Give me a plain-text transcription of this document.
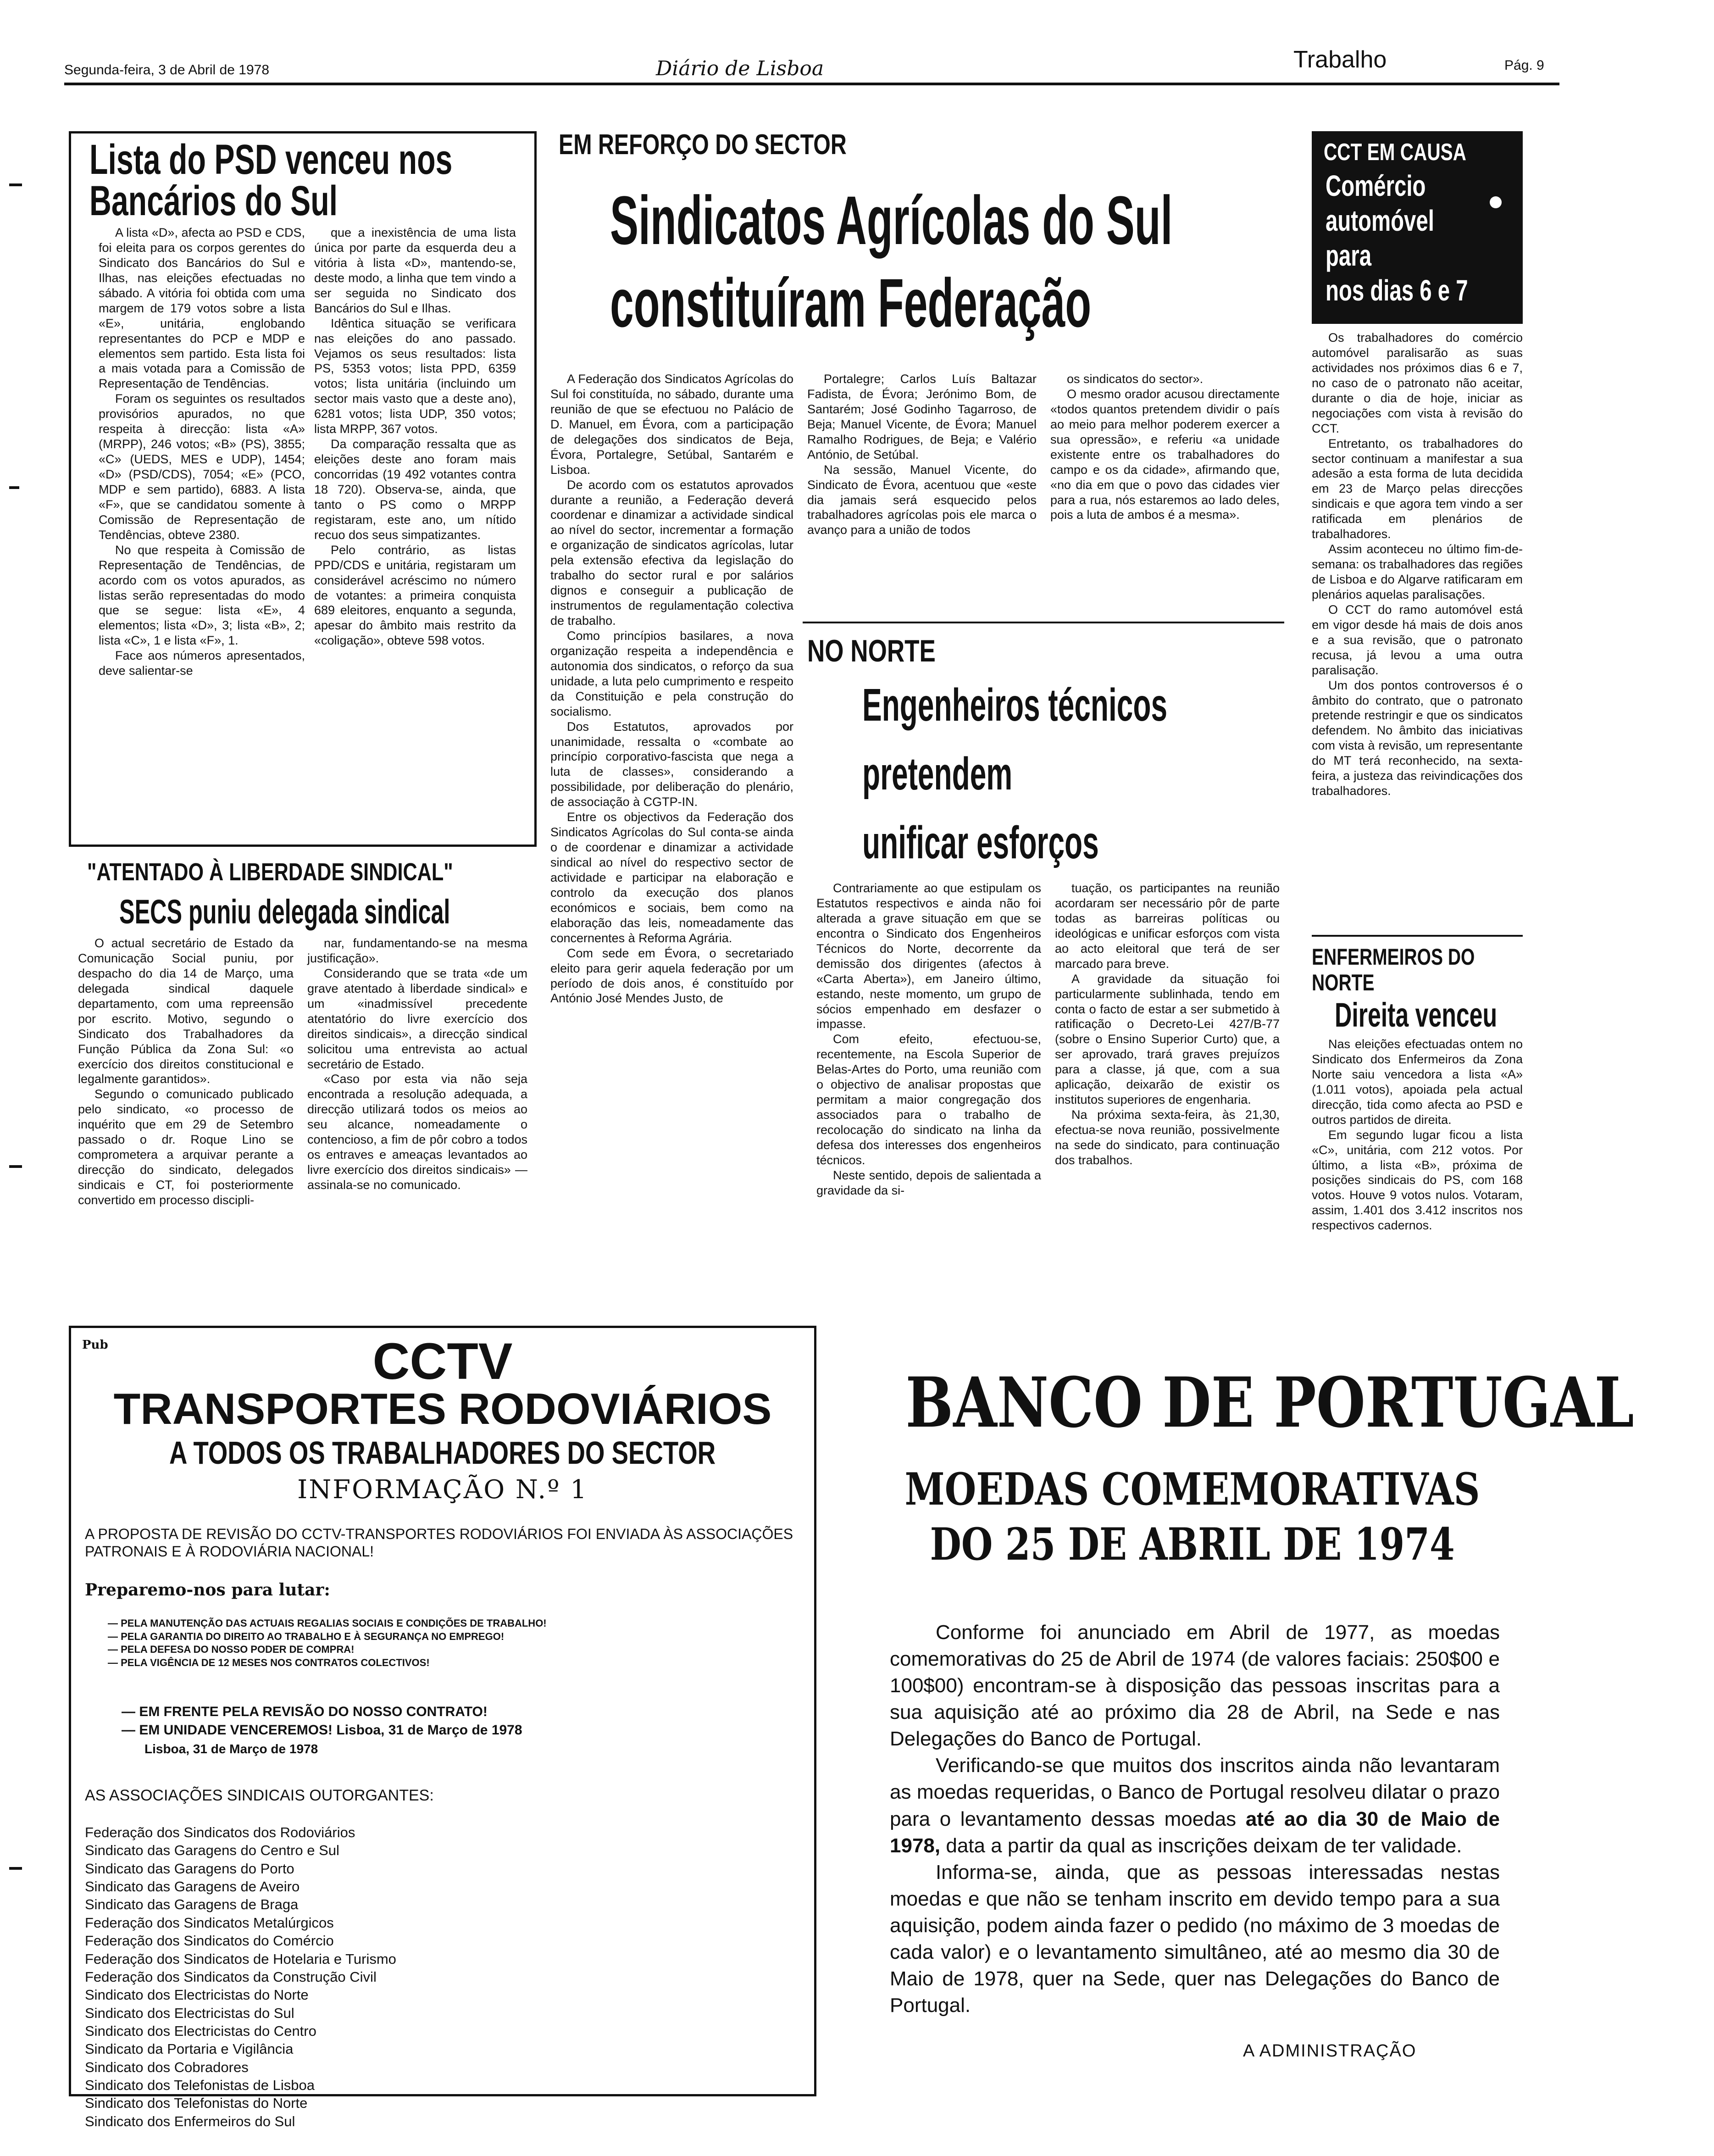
Segunda-feira, 3 de Abril de 1978	Diário de Lisboa	Trabalho	Pág. 9
Lista do PSD venceu nos Bancários do Sul

A lista «D», afecta ao PSD e CDS, foi eleita para os corpos gerentes do Sindicato dos Bancários do Sul e Ilhas, nas eleições efectuadas no sábado. A vitória foi obtida com uma margem de 179 votos sobre a lista «E», unitária, englobando representantes do PCP e MDP e elementos sem partido. Esta lista foi a mais votada para a Comissão de Representação de Tendências.

Foram os seguintes os resultados provisórios apurados, no que respeita à direcção: lista «A» (MRPP), 246 votos; «B» (PS), 3855; «C» (UEDS, MES e UDP), 1454; «D» (PSD/CDS), 7054; «E» (PCO, MDP e sem partido), 6883. A lista «F», que se candidatou somente à Comissão de Representação de Tendências, obteve 2380.

No que respeita à Comissão de Representação de Tendências, de acordo com os votos apurados, as listas serão representadas do modo que se segue: lista «E», 4 elementos; lista «D», 3; lista «B», 2; lista «C», 1 e lista «F», 1.

Face aos números apresentados, deve salientar-se

que a inexistência de uma lista única por parte da esquerda deu a vitória à lista «D», mantendo-se, deste modo, a linha que tem vindo a ser seguida no Sindicato dos Bancários do Sul e Ilhas.

Idêntica situação se verificara nas eleições do ano passado. Vejamos os seus resultados: lista PS, 5353 votos; lista PPD, 6359 votos; lista unitária (incluindo um sector mais vasto que a deste ano), 6281 votos; lista UDP, 350 votos; lista MRPP, 367 votos.

Da comparação ressalta que as eleições deste ano foram mais concorridas (19 492 votantes contra 18 720). Observa-se, ainda, que tanto o PS como o MRPP registaram, este ano, um nítido recuo dos seus simpatizantes.

Pelo contrário, as listas PPD/CDS e unitária, registaram um considerável acréscimo no número de votantes: a primeira conquista 689 eleitores, enquanto a segunda, apesar do âmbito mais restrito da «coligação», obteve 598 votos.

"ATENTADO À LIBERDADE SINDICAL"
SECS puniu delegada sindical

O actual secretário de Estado da Comunicação Social puniu, por despacho do dia 14 de Março, uma delegada sindical daquele departamento, com uma repreensão por escrito. Motivo, segundo o Sindicato dos Trabalhadores da Função Pública da Zona Sul: «o exercício dos direitos constitucional e legalmente garantidos».

Segundo o comunicado publicado pelo sindicato, «o processo de inquérito que em 29 de Setembro passado o dr. Roque Lino se comprometera a arquivar perante a direcção do sindicato, delegados sindicais e CT, foi posteriormente convertido em processo discipli-

nar, fundamentando-se na mesma justificação».

Considerando que se trata «de um grave atentado à liberdade sindical» e um «inadmissível precedente atentatório do livre exercício dos direitos sindicais», a direcção sindical solicitou uma entrevista ao actual secretário de Estado.

«Caso por esta via não seja encontrada a resolução adequada, a direcção utilizará todos os meios ao seu alcance, nomeadamente o contencioso, a fim de pôr cobro a todos os entraves e ameaças levantados ao livre exercício dos direitos sindicais» — assinala-se no comunicado.

EM REFORÇO DO SECTOR
Sindicatos Agrícolas do Sul
constituíram Federação

A Federação dos Sindicatos Agrícolas do Sul foi constituída, no sábado, durante uma reunião de que se efectuou no Palácio de D. Manuel, em Évora, com a participação de delegações dos sindicatos de Beja, Évora, Portalegre, Setúbal, Santarém e Lisboa.

De acordo com os estatutos aprovados durante a reunião, a Federação deverá coordenar e dinamizar a actividade sindical ao nível do sector, incrementar a formação e organização de sindicatos agrícolas, lutar pela extensão efectiva da legislação do trabalho do sector rural e por salários dignos e conseguir a publicação de instrumentos de regulamentação colectiva de trabalho.

Como princípios basilares, a nova organização respeita a independência e autonomia dos sindicatos, o reforço da sua unidade, a luta pelo cumprimento e respeito da Constituição e pela construção do socialismo.

Dos Estatutos, aprovados por unanimidade, ressalta o «combate ao princípio corporativo-fascista que nega a luta de classes», considerando a possibilidade, por deliberação do plenário, de associação à CGTP-IN.

Entre os objectivos da Federação dos Sindicatos Agrícolas do Sul conta-se ainda o de coordenar e dinamizar a actividade sindical ao nível do respectivo sector de actividade e participar na elaboração e controlo da execução dos planos económicos e sociais, bem como na elaboração das leis, nomeadamente das concernentes à Reforma Agrária.

Com sede em Évora, o secretariado eleito para gerir aquela federação por um período de dois anos, é constituído por António José Mendes Justo, de

Portalegre; Carlos Luís Baltazar Fadista, de Évora; Jerónimo Bom, de Santarém; José Godinho Tagarroso, de Beja; Manuel Vicente, de Évora; Manuel Ramalho Rodrigues, de Beja; e Valério António, de Setúbal.

Na sessão, Manuel Vicente, do Sindicato de Évora, acentuou que «este dia jamais será esquecido pelos trabalhadores agrícolas pois ele marca o avanço para a união de todos

os sindicatos do sector».

O mesmo orador acusou directamente «todos quantos pretendem dividir o país ao meio para melhor poderem exercer a sua opressão», e referiu «a unidade existente entre os trabalhadores do campo e os da cidade», afirmando que, «no dia em que o povo das cidades vier para a rua, nós estaremos ao lado deles, pois a luta de ambos é a mesma».

NO NORTE
Engenheiros técnicos
pretendem
unificar esforços

Contrariamente ao que estipulam os Estatutos respectivos e ainda não foi alterada a grave situação em que se encontra o Sindicato dos Engenheiros Técnicos do Norte, decorrente da demissão dos dirigentes (afectos à «Carta Aberta»), em Janeiro último, estando, neste momento, um grupo de sócios empenhado em desfazer o impasse.

Com efeito, efectuou-se, recentemente, na Escola Superior de Belas-Artes do Porto, uma reunião com o objectivo de analisar propostas que permitam a maior congregação dos associados para o trabalho de recolocação do sindicato na linha da defesa dos interesses dos engenheiros técnicos.

Neste sentido, depois de salientada a gravidade da si-

tuação, os participantes na reunião acordaram ser necessário pôr de parte todas as barreiras políticas ou ideológicas e unificar esforços com vista ao acto eleitoral que terá de ser marcado para breve.

A gravidade da situação foi particularmente sublinhada, tendo em conta o facto de estar a ser submetido à ratificação o Decreto-Lei 427/B-77 (sobre o Ensino Superior Curto) que, a ser aprovado, trará graves prejuízos para a classe, já que, com a sua aplicação, deixarão de existir os institutos superiores de engenharia.

Na próxima sexta-feira, às 21,30, efectua-se nova reunião, possivelmente na sede do sindicato, para continuação dos trabalhos.

CCT EM CAUSA
Comércio
automóvel
para
nos dias 6 e 7

Os trabalhadores do comércio automóvel paralisarão as suas actividades nos próximos dias 6 e 7, no caso de o patronato não aceitar, durante o dia de hoje, iniciar as negociações com vista à revisão do CCT.

Entretanto, os trabalhadores do sector continuam a manifestar a sua adesão a esta forma de luta decidida em 23 de Março pelas direcções sindicais e que agora tem vindo a ser ratificada em plenários de trabalhadores.

Assim aconteceu no último fim-de-semana: os trabalhadores das regiões de Lisboa e do Algarve ratificaram em plenários aquelas paralisações.

O CCT do ramo automóvel está em vigor desde há mais de dois anos e a sua revisão, que o patronato recusa, já levou a uma outra paralisação.

Um dos pontos controversos é o âmbito do contrato, que o patronato pretende restringir e que os sindicatos defendem. No âmbito das iniciativas com vista à revisão, um representante do MT terá reconhecido, na sexta-feira, a justeza das reivindicações dos trabalhadores.

ENFERMEIROS DO NORTE
Direita venceu

Nas eleições efectuadas ontem no Sindicato dos Enfermeiros da Zona Norte saiu vencedora a lista «A» (1.011 votos), apoiada pela actual direcção, tida como afecta ao PSD e outros partidos de direita.

Em segundo lugar ficou a lista «C», unitária, com 212 votos. Por último, a lista «B», próxima de posições sindicais do PS, com 168 votos. Houve 9 votos nulos. Votaram, assim, 1.401 dos 3.412 inscritos nos respectivos cadernos.

Pub	CCTV
TRANSPORTES RODOVIÁRIOS
A TODOS OS TRABALHADORES DO SECTOR
INFORMAÇÃO N.º 1
A PROPOSTA DE REVISÃO DO CCTV-TRANSPORTES RODOVIÁRIOS FOI ENVIADA ÀS ASSOCIAÇÕES PATRONAIS E À RODOVIÁRIA NACIONAL!
Preparemo-nos para lutar:
— PELA MANUTENÇÃO DAS ACTUAIS REGALIAS SOCIAIS E CONDIÇÕES DE TRABALHO!
— PELA GARANTIA DO DIREITO AO TRABALHO E À SEGURANÇA NO EMPREGO!
— PELA DEFESA DO NOSSO PODER DE COMPRA!
— PELA VIGÊNCIA DE 12 MESES NOS CONTRATOS COLECTIVOS!
— EM FRENTE PELA REVISÃO DO NOSSO CONTRATO!
— EM UNIDADE VENCEREMOS! Lisboa, 31 de Março de 1978
Lisboa, 31 de Março de 1978
AS ASSOCIAÇÕES SINDICAIS OUTORGANTES:
Federação dos Sindicatos dos Rodoviários
Sindicato das Garagens do Centro e Sul
Sindicato das Garagens do Porto
Sindicato das Garagens de Aveiro
Sindicato das Garagens de Braga
Federação dos Sindicatos Metalúrgicos
Federação dos Sindicatos do Comércio
Federação dos Sindicatos de Hotelaria e Turismo
Federação dos Sindicatos da Construção Civil
Sindicato dos Electricistas do Norte
Sindicato dos Electricistas do Sul
Sindicato dos Electricistas do Centro
Sindicato da Portaria e Vigilância
Sindicato dos Cobradores
Sindicato dos Telefonistas de Lisboa
Sindicato dos Telefonistas do Norte
Sindicato dos Enfermeiros do Sul
BANCO DE PORTUGAL
MOEDAS COMEMORATIVAS
DO 25 DE ABRIL DE 1974

Conforme foi anunciado em Abril de 1977, as moedas comemorativas do 25 de Abril de 1974 (de valores faciais: 250$00 e 100$00) encontram-se à disposição das pessoas inscritas para a sua aquisição até ao próximo dia 28 de Abril, na Sede e nas Delegações do Banco de Portugal.

Verificando-se que muitos dos inscritos ainda não levantaram as moedas requeridas, o Banco de Portugal resolveu dilatar o prazo para o levantamento dessas moedas até ao dia 30 de Maio de 1978, data a partir da qual as inscrições deixam de ter validade.

Informa-se, ainda, que as pessoas interessadas nestas moedas e que não se tenham inscrito em devido tempo para a sua aquisição, podem ainda fazer o pedido (no máximo de 3 moedas de cada valor) e o levantamento simultâneo, até ao mesmo dia 30 de Maio de 1978, quer na Sede, quer nas Delegações do Banco de Portugal.

A ADMINISTRAÇÃO
